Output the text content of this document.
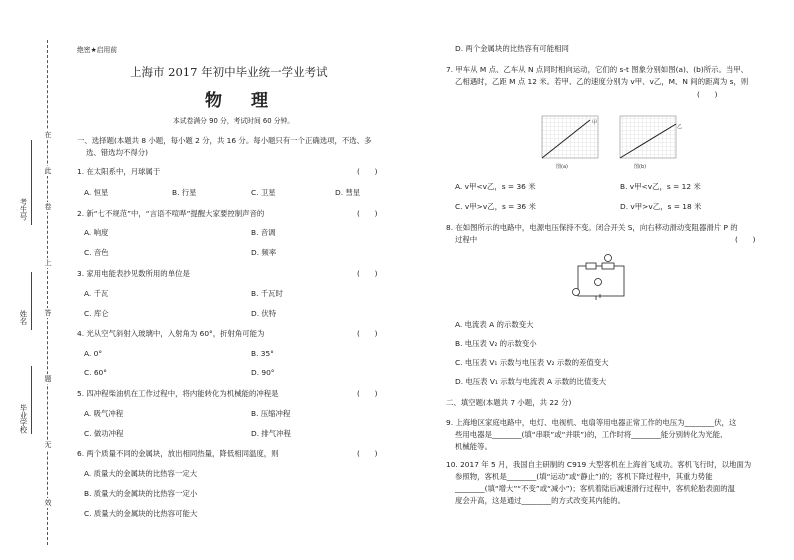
在
此
卷
上
答
题
无
效
考生号
姓名
毕业学校
绝密★启用前
上海市 2017 年初中毕业统一学业考试
物　理
本试卷满分 90 分，考试时间 60 分钟。
一、选择题(本题共 8 小题，每小题 2 分，共 16 分。每小题只有一个正确选项，不选、多
选、错选均不得分)
1. 在太阳系中，月球属于	(　　)
A. 恒星	B. 行星	C. 卫星	D. 彗星
2. 新“七不规范”中，“言语不喧哗”提醒大家要控制声音的	(　　)
A. 响度	B. 音调
C. 音色	D. 频率
3. 家用电能表抄见数所用的单位是	(　　)
A. 千瓦	B. 千瓦时
C. 库仑	D. 伏特
4. 光从空气斜射入玻璃中，入射角为 60°，折射角可能为	(　　)
A. 0°	B. 35°
C. 60°	D. 90°
5. 四冲程柴油机在工作过程中，将内能转化为机械能的冲程是	(　　)
A. 吸气冲程	B. 压缩冲程
C. 做功冲程	D. 排气冲程
6. 两个质量不同的金属块，放出相同热量，降低相同温度，则	(　　)
A. 质量大的金属块的比热容一定大
B. 质量大的金属块的比热容一定小
C. 质量大的金属块的比热容可能大
D. 两个金属块的比热容有可能相同
7. 甲车从 M 点、乙车从 N 点同时相向运动，它们的 s-t 图象分别如图(a)、(b)所示。当甲、
乙相遇时，乙距 M 点 12 米。若甲、乙的速度分别为 v甲、v乙，M、N 间的距离为 s，则
(　　)
甲
图(a)
乙
图(b)
A. v甲<v乙，s = 36 米	B. v甲<v乙，s = 12 米
C. v甲>v乙，s = 36 米	D. v甲>v乙，s = 18 米
8. 在如图所示的电路中，电源电压保持不变。闭合开关 S，向右移动滑动变阻器滑片 P 的
过程中	(　　)
A. 电流表 A 的示数变大
B. 电压表 V₂ 的示数变小
C. 电压表 V₁ 示数与电压表 V₂ 示数的差值变大
D. 电压表 V₁ 示数与电流表 A 示数的比值变大
二、填空题(本题共 7 小题，共 22 分)
9. 上海地区家庭电路中，电灯、电视机、电扇等用电器正常工作的电压为________伏，这
些用电器是________(填“串联”或“并联”)的，工作时将________能分别转化为光能、
机械能等。
10. 2017 年 5 月，我国自主研制的 C919 大型客机在上海首飞成功。客机飞行时，以地面为
参照物，客机是________(填“运动”或“静止”)的；客机下降过程中，其重力势能
________(填“增大”“不变”或“减小”)；客机着陆后减速滑行过程中，客机轮胎表面的温
度会升高，这是通过________的方式改变其内能的。
